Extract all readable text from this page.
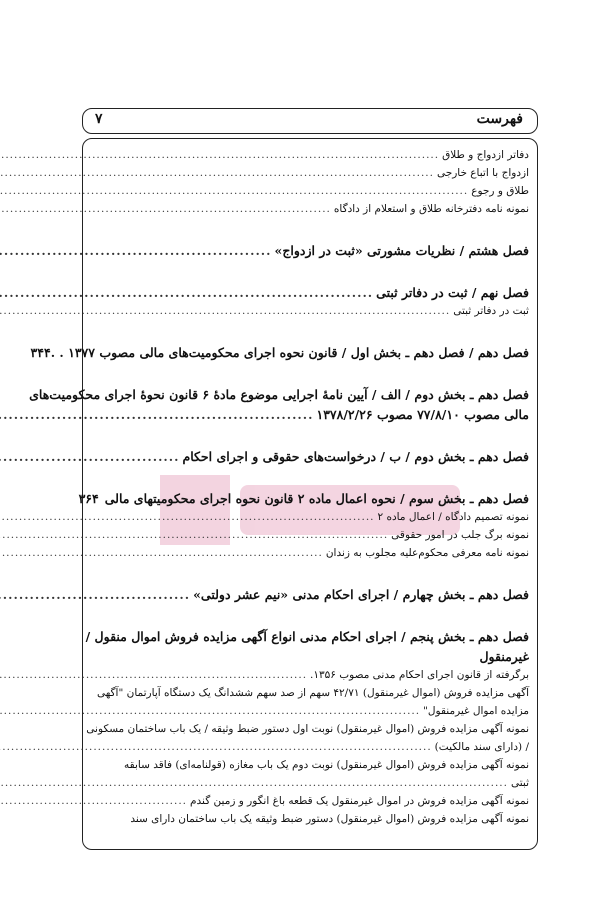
فهرست
۷
دفاتر ازدواج و طلاق
.....
ازدواج با اتباع خارجی
.....
طلاق و رجوع
.....
نمونه نامه دفترخانه طلاق و استعلام از دادگاه
.....
فصل هشتم / نظریات مشورتی «ثبت در ازدواج»
.....
فصل نهم / ثبت در دفاتر ثبتی
.....
ثبت در دفاتر ثبتی
.....
فصل دهم / فصل دهم ـ بخش اول / قانون نحوه اجرای محکومیت‌های مالی مصوب ۱۳۷۷ . .
۳۴۴
فصل دهم ـ بخش دوم / الف / آیین نامهٔ اجرایی موضوع مادهٔ ۶ قانون نحوهٔ اجرای محکومیت‌های
مالی مصوب ۷۷/۸/۱۰ مصوب ۱۳۷۸/۲/۲۶
.....
فصل دهم ـ بخش دوم / ب / درخواست‌های حقوقی و اجرای احکام
.....
فصل دهم ـ بخش سوم / نحوه اعمال ماده ۲ قانون نحوه اجرای محکومیتهای مالی
۳۶۴
نمونه تصمیم دادگاه / اعمال ماده ۲
.....
نمونه برگ جلب در امور حقوقی
.....
نمونه نامه معرفی محکوم‌علیه مجلوب به زندان
.....
فصل دهم ـ بخش چهارم / اجرای احکام مدنی «نیم عشر دولتی»
.....
فصل دهم ـ بخش پنجم / اجرای احکام مدنی انواع آگهی مزایده فروش اموال منقول /
غیرمنقول
برگرفته از قانون اجرای احکام مدنی مصوب ۱۳۵۶.
.....
آگهی مزایده فروش (اموال غیرمنقول) ۴۲/۷۱ سهم از صد سهم ششدانگ یک دستگاه آپارتمان "آگهی
مزایده اموال غیرمنقول"
.....
نمونه آگهی مزایده فروش (اموال غیرمنقول) نوبت اول دستور ضبط وثیقه / یک باب ساختمان مسکونی
/ (دارای سند مالکیت)
.....
نمونه آگهی مزایده فروش (اموال غیرمنقول) نوبت دوم یک باب مغازه (قولنامه‌ای) فاقد سابقه
ثبتی
.....
نمونه آگهی مزایده فروش در اموال غیرمنقول یک قطعه باغ انگور و زمین گندم
.....
نمونه آگهی مزایده فروش (اموال غیرمنقول) دستور ضبط وثیقه یک باب ساختمان دارای سند
